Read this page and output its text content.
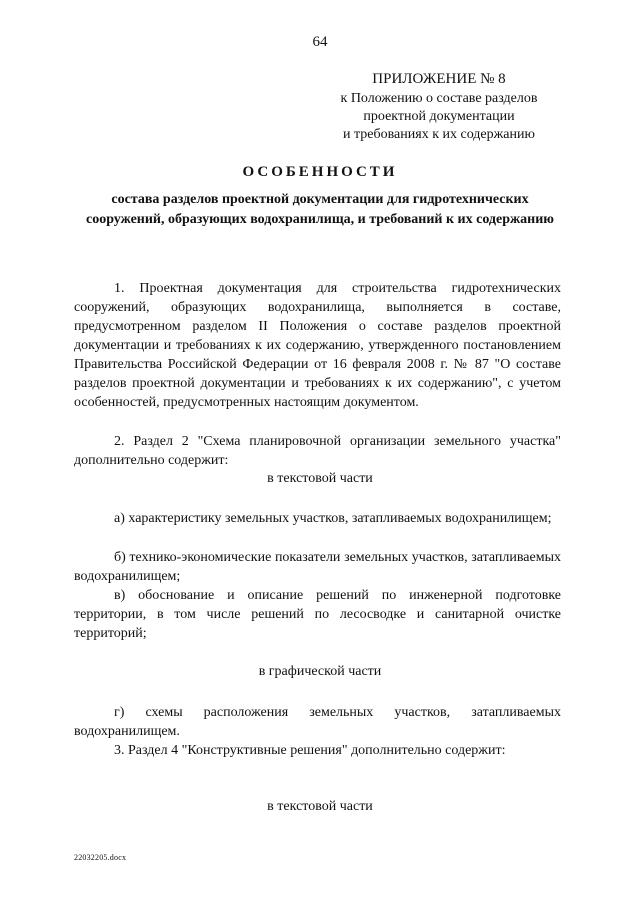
64
ПРИЛОЖЕНИЕ № 8
к Положению о составе разделов
проектной документации
и требованиях к их содержанию
ОСОБЕННОСТИ
состава разделов проектной документации для гидротехнических сооружений, образующих водохранилища, и требований к их содержанию

1. Проектная документация для строительства гидротехнических сооружений, образующих водохранилища, выполняется в составе, предусмотренном разделом II Положения о составе разделов проектной документации и требованиях к их содержанию, утвержденного постановлением Правительства Российской Федерации от 16 февраля 2008 г. № 87 "О составе разделов проектной документации и требованиях к их содержанию", с учетом особенностей, предусмотренных настоящим документом.

2. Раздел 2 "Схема планировочной организации земельного участка" дополнительно содержит:

в текстовой части

а) характеристику земельных участков, затапливаемых водохранилищем;

б) технико-экономические показатели земельных участков, затапливаемых водохранилищем;

в) обоснование и описание решений по инженерной подготовке территории, в том числе решений по лесосводке и санитарной очистке территорий;

в графической части

г) схемы расположения земельных участков, затапливаемых водохранилищем.

3. Раздел 4 "Конструктивные решения" дополнительно содержит:

в текстовой части
22032205.docx
